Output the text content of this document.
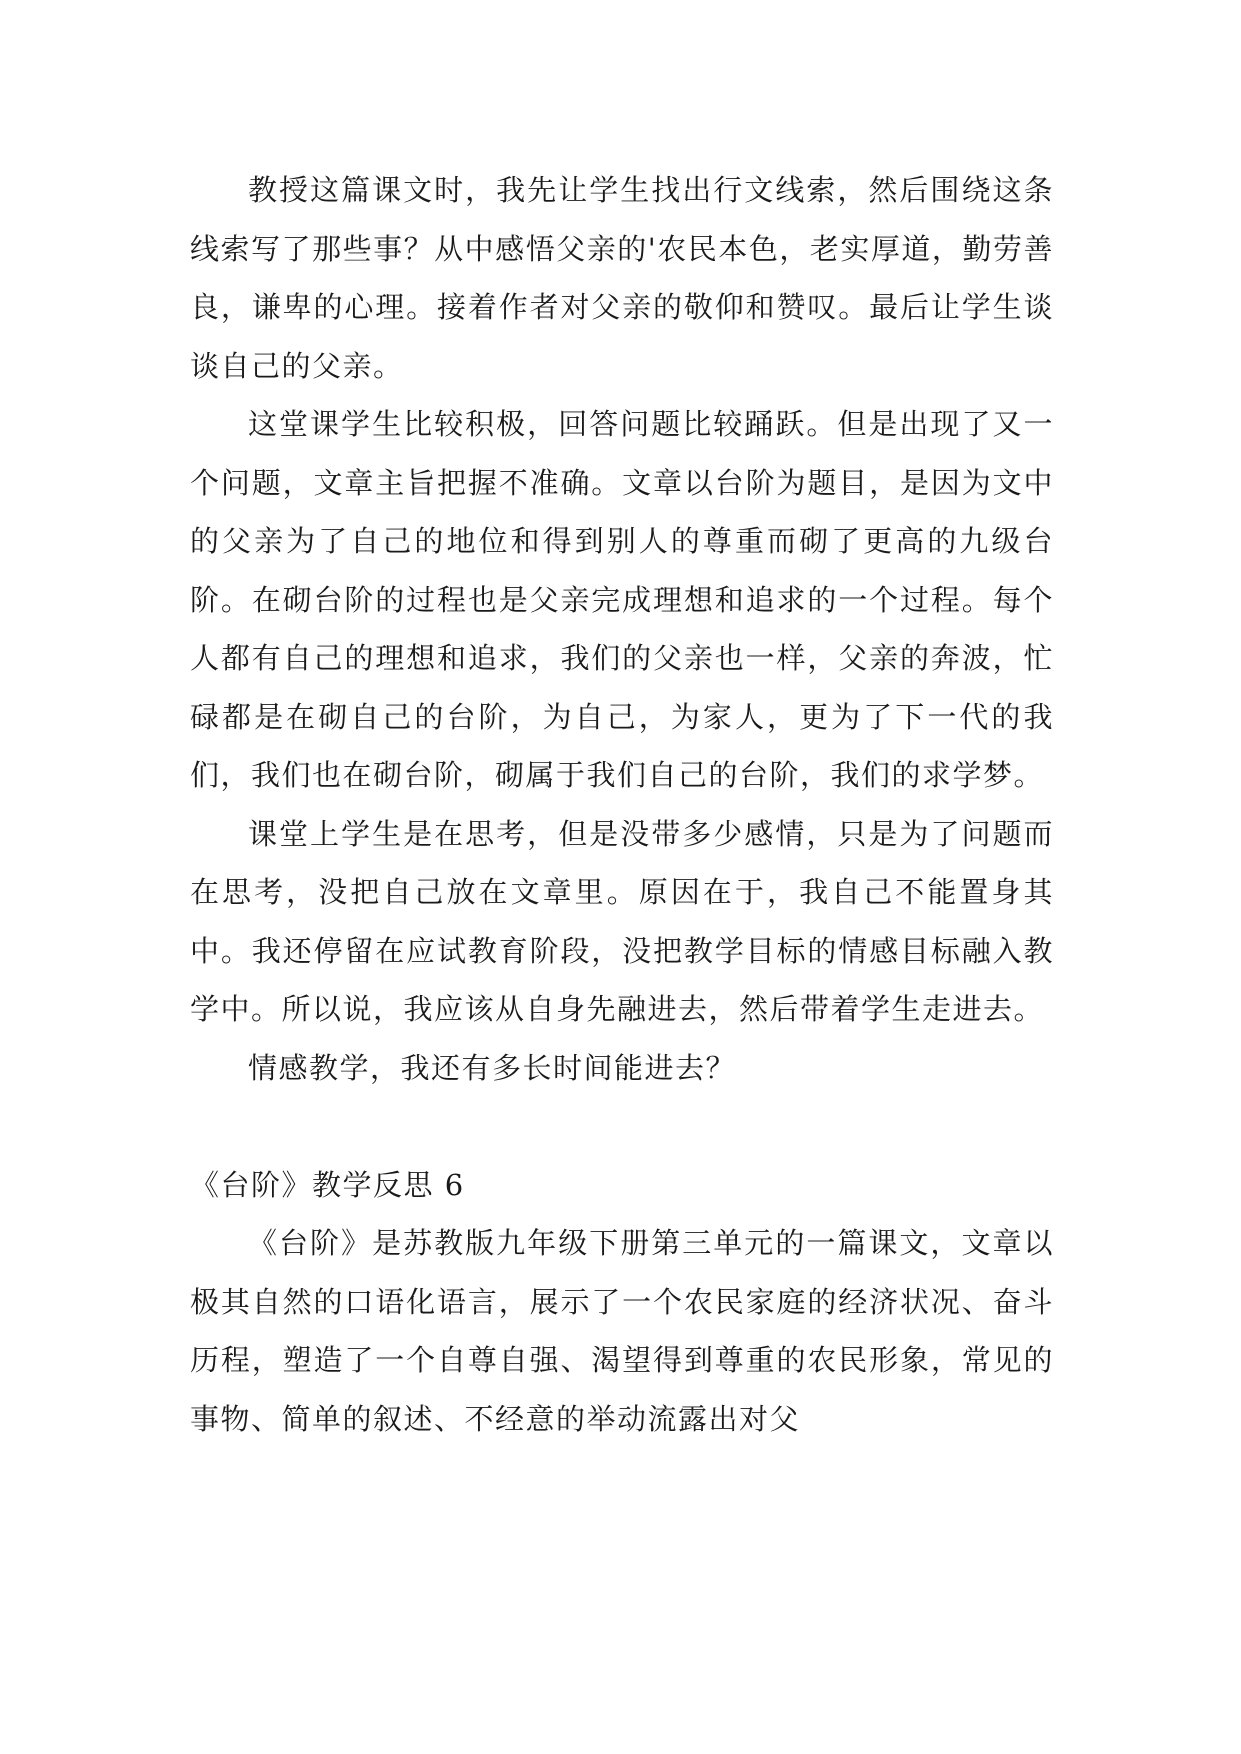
教授这篇课文时，我先让学生找出行文线索，然后围绕这条线索写了那些事？从中感悟父亲的'农民本色，老实厚道，勤劳善良，谦卑的心理。接着作者对父亲的敬仰和赞叹。最后让学生谈谈自己的父亲。

这堂课学生比较积极，回答问题比较踊跃。但是出现了又一个问题，文章主旨把握不准确。文章以台阶为题目，是因为文中的父亲为了自己的地位和得到别人的尊重而砌了更高的九级台阶。在砌台阶的过程也是父亲完成理想和追求的一个过程。每个人都有自己的理想和追求，我们的父亲也一样，父亲的奔波，忙碌都是在砌自己的台阶，为自己，为家人，更为了下一代的我们，我们也在砌台阶，砌属于我们自己的台阶，我们的求学梦。

课堂上学生是在思考，但是没带多少感情，只是为了问题而在思考，没把自己放在文章里。原因在于，我自己不能置身其中。我还停留在应试教育阶段，没把教学目标的情感目标融入教学中。所以说，我应该从自身先融进去，然后带着学生走进去。

情感教学，我还有多长时间能进去？

《台阶》教学反思 6

《台阶》是苏教版九年级下册第三单元的一篇课文，文章以极其自然的口语化语言，展示了一个农民家庭的经济状况、奋斗历程，塑造了一个自尊自强、渴望得到尊重的农民形象，常见的事物、简单的叙述、不经意的举动流露出对父
